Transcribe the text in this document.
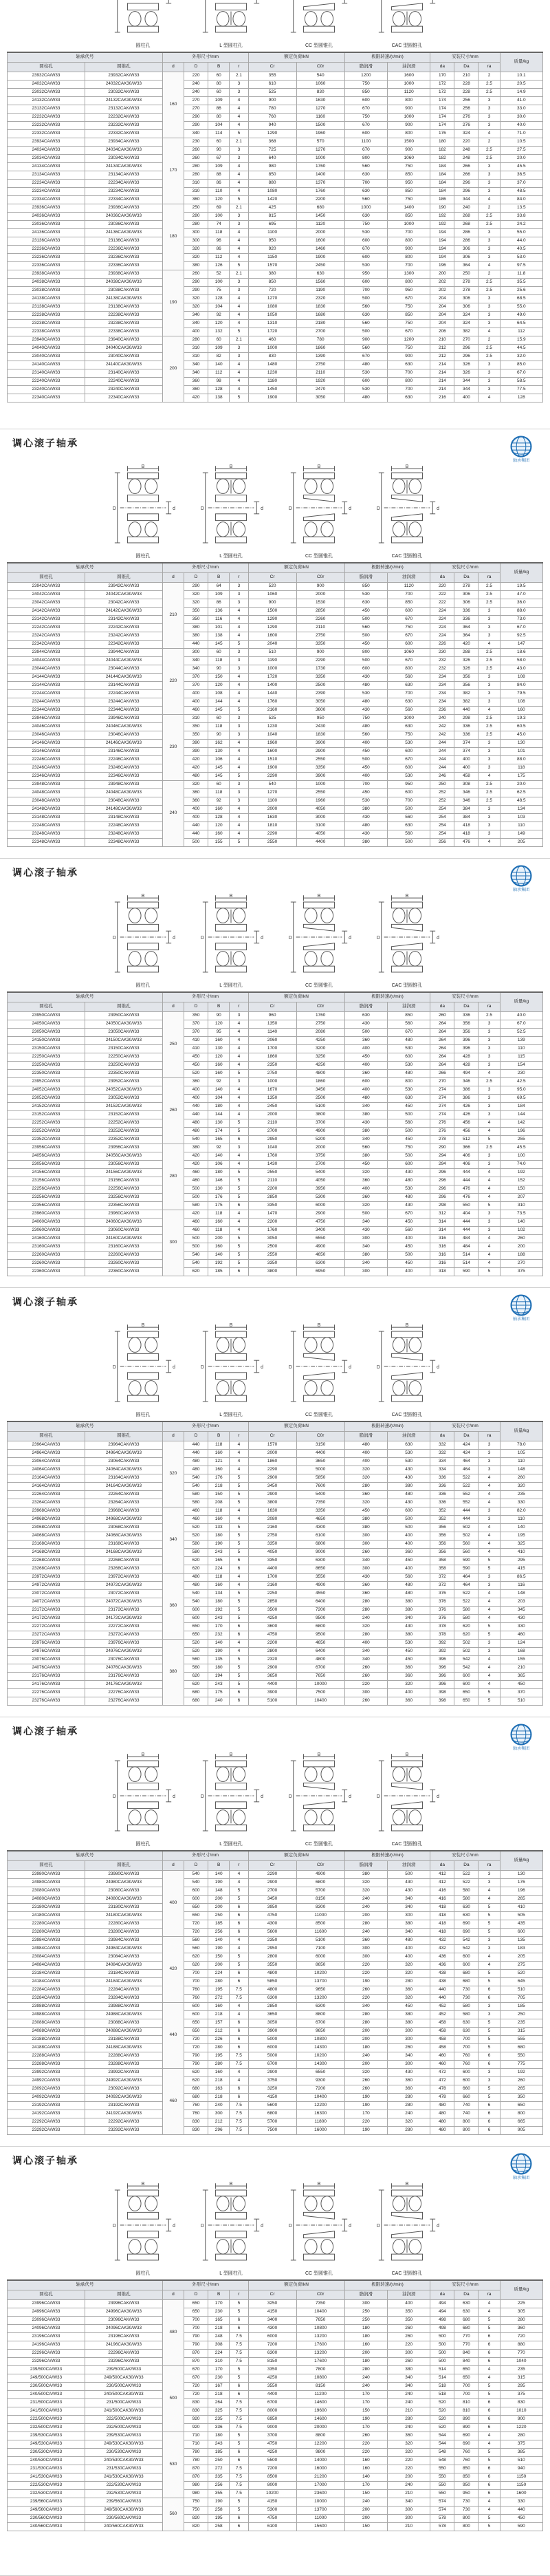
圆柱孔	L 型圆柱孔	CC 型圆锥孔	CAC 型圆锥孔
轴承代号		外形尺寸/mm				额定负荷/kN		极限转速/(r/min)		安装尺寸/mm			质量/kg
圆柱孔	圆锥孔	d	D	B	r	Cr	C0r	脂润滑	油润滑	da	Da	ra	
23932CA/W33	23932CAK/W33	160	220	60	2.1	355	540	1200	1600	170	210	2	10.1
24032CA/W33	24032CAK30/W33		240	80	3	610	1060	750	1000	172	228	2.5	20.5
23032CA/W33	23032CAK/W33		240	60	3	525	830	850	1120	172	228	2.5	14.9
24132CA/W33	24132CAK30/W33		270	109	4	900	1630	600	800	174	256	3	41.0
23132CA/W33	23132CAK/W33		270	86	4	780	1270	670	900	174	256	3	33.0
22232CA/W33	22232CAK/W33		290	80	4	760	1160	750	1000	174	276	3	30.0
23232CA/W33	23232CAK/W33		290	104	4	940	1500	670	900	174	276	3	40.0
22332CA/W33	22332CAK/W33		340	114	5	1290	1960	600	800	176	324	4	71.0
23934CA/W33	23934CAK/W33	170	230	60	2.1	368	570	1100	1500	180	220	2	10.5
24034CA/W33	24034CAK30/W33		260	90	3	725	1270	670	900	182	248	2.5	27.5
23034CA/W33	23034CAK/W33		260	67	3	640	1000	800	1060	182	248	2.5	20.0
24134CA/W33	24134CAK30/W33		280	109	4	980	1760	560	750	184	266	3	45.5
23134CA/W33	23134CAK/W33		280	88	4	850	1400	630	850	184	266	3	36.5
22234CA/W33	22234CAK/W33		310	86	4	880	1370	700	950	184	296	3	37.0
23234CA/W33	23234CAK/W33		310	110	4	1080	1760	630	850	184	296	3	48.5
22334CA/W33	22334CAK/W33		360	120	5	1420	2200	560	750	186	344	4	84.0
23936CA/W33	23936CAK/W33	180	250	69	2.1	425	680	1000	1400	190	240	2	13.5
24036CA/W33	24036CAK30/W33		280	100	3	815	1450	630	850	192	268	2.5	33.8
23036CA/W33	23036CAK/W33		280	74	3	695	1120	750	1000	192	268	2.5	24.2
24136CA/W33	24136CAK30/W33		300	118	4	1100	2000	530	700	194	286	3	55.0
23136CA/W33	23136CAK/W33		300	96	4	950	1600	600	800	194	286	3	44.0
22236CA/W33	22236CAK/W33		320	86	4	920	1460	670	900	194	306	3	40.5
23236CA/W33	23236CAK/W33		320	112	4	1150	1900	600	800	194	306	3	53.0
22336CA/W33	22336CAK/W33		380	126	5	1570	2450	530	700	196	364	4	97.5
23938CA/W33	23938CAK/W33	190	260	52	2.1	380	630	950	1300	200	250	2	11.8
24038CA/W33	24038CAK30/W33		290	100	3	850	1560	600	800	202	278	2.5	35.5
23038CA/W33	23038CAK/W33		290	75	3	720	1190	700	950	202	278	2.5	25.6
24138CA/W33	24138CAK30/W33		320	128	4	1270	2320	500	670	204	306	3	68.5
23138CA/W33	23138CAK/W33		320	104	4	1080	1830	560	750	204	306	3	55.0
22238CA/W33	22238CAK/W33		340	92	4	1050	1680	630	850	204	324	3	49.0
23238CA/W33	23238CAK/W33		340	120	4	1310	2180	560	750	204	324	3	64.5
22338CA/W33	22338CAK/W33		400	132	5	1720	2700	500	670	206	382	4	112
23940CA/W33	23940CAK/W33	200	280	60	2.1	460	780	900	1200	210	270	2	15.9
24040CA/W33	24040CAK30/W33		310	109	3	1000	1860	560	750	212	296	2.5	44.5
23040CA/W33	23040CAK/W33		310	82	3	830	1390	670	900	212	296	2.5	32.0
24140CA/W33	24140CAK30/W33		340	140	4	1480	2750	480	630	214	326	3	85.0
23140CA/W33	23140CAK/W33		340	112	4	1230	2110	530	700	214	326	3	67.0
22240CA/W33	22240CAK/W33		360	98	4	1180	1920	600	800	214	344	3	58.5
23240CA/W33	23240CAK/W33		360	128	4	1450	2470	530	700	214	344	3	77.5
22340CA/W33	22340CAK/W33		420	138	5	1900	3050	480	630	216	400	4	128
调心滚子轴承
轴承集团
B
D	d
圆柱孔
B
D	d
L 型圆柱孔
B
D	d
CC 型圆锥孔
B
D	d
CAC 型圆锥孔
轴承代号		外形尺寸/mm				额定负荷/kN		极限转速/(r/min)		安装尺寸/mm			质量/kg
圆柱孔	圆锥孔	d	D	B	r	Cr	C0r	脂润滑	油润滑	da	Da	ra	
23942CA/W33	23942CAK/W33	210	290	64	3	520	900	850	1120	220	278	2.5	19.5
24042CA/W33	24042CAK30/W33		320	109	3	1060	2000	530	700	222	306	2.5	47.0
23042CA/W33	23042CAK/W33		320	86	3	900	1530	630	850	222	306	2.5	36.0
24142CA/W33	24142CAK30/W33		350	136	4	1500	2850	450	600	224	336	3	88.0
23142CA/W33	23142CAK/W33		350	116	4	1290	2260	500	670	224	336	3	73.0
22242CA/W33	22242CAK/W33		380	101	4	1290	2110	560	750	224	364	3	67.0
23242CA/W33	23242CAK/W33		380	138	4	1600	2750	500	670	224	364	3	92.5
22342CA/W33	22342CAK/W33		440	145	5	2040	3350	450	600	226	420	4	147
23944CA/W33	23944CAK/W33	220	300	60	3	510	900	800	1060	230	288	2.5	18.6
24044CA/W33	24044CAK30/W33		340	118	3	1190	2290	500	670	232	326	2.5	58.0
23044CA/W33	23044CAK/W33		340	90	3	1000	1730	600	800	232	326	2.5	43.0
24144CA/W33	24144CAK30/W33		370	150	4	1720	3350	430	560	234	356	3	108
23144CA/W33	23144CAK/W33		370	120	4	1400	2500	480	630	234	356	3	84.0
22244CA/W33	22244CAK/W33		400	108	4	1440	2390	530	700	234	382	3	79.5
23244CA/W33	23244CAK/W33		400	144	4	1760	3050	480	630	234	382	3	108
22344CA/W33	22344CAK/W33		460	145	5	2160	3600	430	560	236	440	4	160
23946CA/W33	23946CAK/W33	230	310	60	3	525	950	750	1000	240	298	2.5	19.3
24046CA/W33	24046CAK30/W33		350	118	3	1230	2430	480	630	242	336	2.5	60.5
23046CA/W33	23046CAK/W33		350	90	3	1040	1830	560	750	242	336	2.5	45.0
24146CA/W33	24146CAK30/W33		390	162	4	1960	3900	400	530	244	374	3	130
23146CA/W33	23146CAK/W33		390	130	4	1600	2900	450	600	244	374	3	101
22246CA/W33	22246CAK/W33		420	106	4	1510	2550	500	670	244	400	3	88.0
23246CA/W33	23246CAK/W33		420	145	4	1900	3350	450	600	244	400	3	118
22346CA/W33	22346CAK/W33		480	145	5	2290	3900	400	530	246	458	4	175
23948CA/W33	23948CAK/W33	240	320	60	3	540	1000	700	950	250	308	2.5	20.0
24048CA/W33	24048CAK30/W33		360	118	3	1270	2550	450	600	252	346	2.5	62.5
23048CA/W33	23048CAK/W33		360	92	3	1100	1960	530	700	252	346	2.5	48.5
24148CA/W33	24148CAK30/W33		400	160	4	2000	4050	380	500	254	384	3	134
23148CA/W33	23148CAK/W33		400	128	4	1630	3000	430	560	254	384	3	103
22248CA/W33	22248CAK/W33		440	120	4	1810	3100	480	630	254	418	3	110
23248CA/W33	23248CAK/W33		440	160	4	2290	4050	430	560	254	418	3	149
22348CA/W33	22348CAK/W33		500	155	5	2550	4400	380	500	256	476	4	205
调心滚子轴承
轴承集团
B
D	d
圆柱孔
B
D	d
L 型圆柱孔
B
D	d
CC 型圆锥孔
B
D	d
CAC 型圆锥孔
轴承代号		外形尺寸/mm				额定负荷/kN		极限转速/(r/min)		安装尺寸/mm			质量/kg
圆柱孔	圆锥孔	d	D	B	r	Cr	C0r	脂润滑	油润滑	da	Da	ra	
23950CA/W33	23950CAK/W33	250	350	90	3	960	1760	630	850	260	336	2.5	40.0
24050CA/W33	24050CAK30/W33		370	120	4	1350	2750	430	560	264	356	3	67.0
23050CA/W33	23050CAK/W33		370	95	4	1140	2080	500	670	264	356	3	52.5
24150CA/W33	24150CAK30/W33		410	160	4	2060	4250	360	480	264	396	3	139
23150CA/W33	23150CAK/W33		410	130	4	1700	3200	400	530	264	396	3	110
22250CA/W33	22250CAK/W33		450	120	4	1860	3250	450	600	264	428	3	115
23250CA/W33	23250CAK/W33		450	160	4	2350	4250	400	530	264	428	3	154
22350CA/W33	22350CAK/W33		520	160	5	2750	4800	360	480	266	494	4	230
23952CA/W33	23952CAK/W33	260	360	92	3	1000	1860	600	800	270	346	2.5	42.5
24052CA/W33	24052CAK30/W33		400	140	4	1670	3450	400	530	274	386	3	95.0
23052CA/W33	23052CAK/W33		400	104	4	1350	2500	480	630	274	386	3	69.5
24152CA/W33	24152CAK30/W33		440	180	4	2450	5100	340	450	274	426	3	184
23152CA/W33	23152CAK/W33		440	144	4	2000	3800	380	500	274	426	3	144
22252CA/W33	22252CAK/W33		480	130	5	2110	3700	430	560	276	456	4	142
23252CA/W33	23252CAK/W33		480	174	5	2700	4900	380	500	276	456	4	196
22352CA/W33	22352CAK/W33		540	165	6	2950	5200	340	450	278	512	5	255
23956CA/W33	23956CAK/W33	280	380	92	3	1040	2000	560	750	290	366	2.5	45.5
24056CA/W33	24056CAK30/W33		420	140	4	1760	3750	380	500	294	406	3	100
23056CA/W33	23056CAK/W33		420	106	4	1430	2700	450	600	294	406	3	74.0
24156CA/W33	24156CAK30/W33		460	180	5	2550	5400	320	430	296	444	4	192
23156CA/W33	23156CAK/W33		460	146	5	2110	4050	360	480	296	444	4	152
22256CA/W33	22256CAK/W33		500	130	5	2200	3950	400	530	296	476	4	150
23256CA/W33	23256CAK/W33		500	176	5	2850	5300	360	480	296	476	4	207
22356CA/W33	22356CAK/W33		580	175	6	3350	6000	320	430	298	550	5	310
23960CA/W33	23960CAK/W33	300	420	118	4	1470	2900	500	670	312	404	3	73.5
24060CA/W33	24060CAK30/W33		460	160	4	2200	4750	340	450	314	444	3	140
23060CA/W33	23060CAK/W33		460	118	4	1760	3400	430	560	314	444	3	102
24160CA/W33	24160CAK30/W33		500	200	5	3050	6550	300	400	316	484	4	260
23160CA/W33	23160CAK/W33		500	160	5	2500	4900	340	450	316	484	4	200
22260CA/W33	22260CAK/W33		540	140	5	2550	4650	380	500	316	514	4	188
23260CA/W33	23260CAK/W33		540	192	5	3350	6300	340	450	316	514	4	270
22360CA/W33	22360CAK/W33		620	185	6	3800	6950	300	400	318	590	5	375
调心滚子轴承
轴承集团
B
D	d
圆柱孔
B
D	d
L 型圆柱孔
B
D	d
CC 型圆锥孔
B
D	d
CAC 型圆锥孔
轴承代号		外形尺寸/mm				额定负荷/kN		极限转速/(r/min)		安装尺寸/mm			质量/kg
圆柱孔	圆锥孔	d	D	B	r	Cr	C0r	脂润滑	油润滑	da	Da	ra	
23964CA/W33	23964CAK/W33	320	440	118	4	1570	3150	480	630	332	424	3	78.0
24964CA/W33	24964CAK30/W33		440	160	4	2000	4400	400	530	332	424	3	105
23064CA/W33	23064CAK/W33		480	121	4	1860	3650	400	530	334	464	3	110
24064CA/W33	24064CAK30/W33		480	160	4	2290	5000	320	430	334	464	3	148
23164CA/W33	23164CAK/W33		540	176	5	2900	5850	320	430	336	522	4	260
24164CA/W33	24164CAK30/W33		540	218	5	3450	7600	280	380	336	522	4	320
22264CA/W33	22264CAK/W33		580	150	5	2900	5400	360	480	336	552	4	235
23264CA/W33	23264CAK/W33		580	208	5	3800	7350	320	430	336	552	4	330
23968CA/W33	23968CAK/W33	340	460	118	4	1630	3350	450	600	352	444	3	82.0
24968CA/W33	24968CAK30/W33		460	160	4	2080	4650	380	500	352	444	3	110
23068CA/W33	23068CAK/W33		520	133	5	2160	4300	380	500	356	502	4	140
24068CA/W33	24068CAK30/W33		520	180	5	2750	6100	300	400	356	502	4	195
23168CA/W33	23168CAK/W33		580	190	5	3350	6800	300	400	356	560	4	325
24168CA/W33	24168CAK30/W33		580	243	5	4050	9000	260	360	356	560	4	410
22268CA/W33	22268CAK/W33		620	165	6	3350	6300	340	450	358	590	5	295
23268CA/W33	23268CAK/W33		620	224	6	4400	8650	300	400	358	590	5	415
23972CA/W33	23972CAK/W33	360	480	118	4	1700	3550	430	560	372	464	3	86.5
24972CA/W33	24972CAK30/W33		480	160	4	2160	4900	360	480	372	464	3	116
23072CA/W33	23072CAK/W33		540	134	5	2250	4550	360	480	376	522	4	148
24072CA/W33	24072CAK30/W33		540	180	5	2850	6400	280	380	376	522	4	203
23172CA/W33	23172CAK/W33		600	192	5	3500	7200	280	380	376	580	4	345
24172CA/W33	24172CAK30/W33		600	243	5	4250	9500	240	340	376	580	4	430
22272CA/W33	22272CAK/W33		650	170	6	3600	6800	320	430	378	620	5	330
23272CA/W33	23272CAK/W33		650	232	6	4750	9500	280	380	378	620	5	460
23976CA/W33	23976CAK/W33	380	520	140	4	2200	4650	400	530	392	502	3	124
24976CA/W33	24976CAK30/W33		520	190	4	2800	6400	340	450	392	502	3	168
23076CA/W33	23076CAK/W33		560	135	5	2320	4800	340	450	396	542	4	155
24076CA/W33	24076CAK30/W33		560	180	5	2900	6700	260	360	396	542	4	210
23176CA/W33	23176CAK/W33		620	194	5	3650	7650	260	360	396	600	4	365
24176CA/W33	24176CAK30/W33		620	243	5	4400	10000	220	320	396	600	4	450
22276CA/W33	22276CAK/W33		680	175	6	3900	7500	300	400	398	650	5	370
23276CA/W33	23276CAK/W33		680	240	6	5100	10400	260	360	398	650	5	510
调心滚子轴承
轴承集团
B
D	d
圆柱孔
B
D	d
L 型圆柱孔
B
D	d
CC 型圆锥孔
B
D	d
CAC 型圆锥孔
轴承代号		外形尺寸/mm				额定负荷/kN		极限转速/(r/min)		安装尺寸/mm			质量/kg
圆柱孔	圆锥孔	d	D	B	r	Cr	C0r	脂润滑	油润滑	da	Da	ra	
23980CA/W33	23980CAK/W33	400	540	140	4	2290	4900	380	500	412	522	3	130
24980CA/W33	24980CAK30/W33		540	190	4	2900	6800	320	430	412	522	3	176
23080CA/W33	23080CAK/W33		600	148	5	2700	5700	320	430	416	580	4	196
24080CA/W33	24080CAK30/W33		600	200	5	3450	8150	240	340	416	580	4	265
23180CA/W33	23180CAK/W33		650	200	6	3950	8300	240	340	418	630	5	410
24180CA/W33	24180CAK30/W33		650	250	6	4750	11000	200	300	418	630	5	505
22280CA/W33	22280CAK/W33		720	185	6	4300	8500	280	380	418	690	5	435
23280CA/W33	23280CAK/W33		720	256	6	5600	11600	240	340	418	690	5	600
23984CA/W33	23984CAK/W33	420	560	140	4	2350	5100	360	480	432	542	3	135
24984CA/W33	24984CAK30/W33		560	190	4	2950	7100	300	400	432	542	3	183
23084CA/W33	23084CAK/W33		620	150	5	2800	6000	300	400	436	600	4	205
24084CA/W33	24084CAK30/W33		620	200	5	3550	8650	220	320	436	600	4	275
23184CA/W33	23184CAK/W33		700	224	6	4800	10200	220	320	438	680	5	520
24184CA/W33	24184CAK30/W33		700	280	6	5850	13700	190	280	438	680	5	645
22284CA/W33	22284CAK/W33		760	195	7.5	4800	9650	260	360	440	730	6	510
23284CA/W33	23284CAK/W33		760	272	7.5	6300	13200	220	320	440	730	6	705
23988CA/W33	23988CAK/W33	440	600	160	4	2850	6300	340	450	452	580	3	185
24988CA/W33	24988CAK30/W33		600	218	4	3650	8800	280	380	452	580	3	250
23088CA/W33	23088CAK/W33		650	157	6	3050	6700	280	380	458	630	5	235
24088CA/W33	24088CAK30/W33		650	212	6	3900	9650	200	300	458	630	5	315
23188CA/W33	23188CAK/W33		720	226	6	5000	10800	200	300	458	700	5	555
24188CA/W33	24188CAK30/W33		720	280	6	6000	14300	180	260	458	700	5	680
22288CA/W33	22288CAK/W33		790	195	7.5	5000	10200	240	340	460	760	6	550
23288CA/W33	23288CAK/W33		790	280	7.5	6700	14300	200	300	460	760	6	775
23992CA/W33	23992CAK/W33	460	620	160	4	2900	6550	320	430	472	600	3	192
24992CA/W33	24992CAK30/W33		620	218	4	3750	9300	260	360	472	600	3	260
23092CA/W33	23092CAK/W33		680	163	6	3250	7200	260	360	478	660	5	265
24092CA/W33	24092CAK30/W33		680	218	6	4150	10400	190	280	478	660	5	350
23192CA/W33	23192CAK/W33		760	240	7.5	5600	12200	190	280	480	740	6	650
24192CA/W33	24192CAK30/W33		760	300	7.5	6800	16300	170	240	480	740	6	800
22292CA/W33	22292CAK/W33		830	212	7.5	5700	11800	220	320	480	800	6	665
23292CA/W33	23292CAK/W33		830	296	7.5	7500	16000	190	280	480	800	6	905
调心滚子轴承
轴承集团
B
D	d
圆柱孔
B
D	d
L 型圆柱孔
B
D	d
CC 型圆锥孔
B
D	d
CAC 型圆锥孔
轴承代号		外形尺寸/mm				额定负荷/kN		极限转速/(r/min)		安装尺寸/mm			质量/kg
圆柱孔	圆锥孔	d	D	B	r	Cr	C0r	脂润滑	油润滑	da	Da	ra	
23996CA/W33	23996CAK/W33	480	650	170	5	3250	7350	300	400	494	630	4	225
24996CA/W33	24996CAK30/W33		650	230	5	4150	10400	250	350	494	630	4	305
23096CA/W33	23096CAK/W33		700	165	6	3400	7650	250	350	498	680	5	280
24096CA/W33	24096CAK30/W33		700	218	6	4300	10800	180	260	498	680	5	360
23196CA/W33	23196CAK/W33		790	248	7.5	6000	13200	180	260	500	770	6	720
24196CA/W33	24196CAK30/W33		790	308	7.5	7200	17600	160	220	500	770	6	880
22296CA/W33	22296CAK/W33		870	224	7.5	6300	13200	200	300	500	840	6	770
23296CA/W33	23296CAK/W33		870	310	7.5	8150	17600	180	260	500	840	6	1040
239/500CA/W33	239/500CAK/W33	500	670	170	5	3350	7800	280	380	514	650	4	235
249/500CA/W33	249/500CAK30/W33		670	230	5	4250	10800	240	340	514	650	4	315
230/500CA/W33	230/500CAK/W33		720	167	6	3550	8150	240	340	518	700	5	295
240/500CA/W33	240/500CAK30/W33		720	218	6	4400	11200	170	240	518	700	5	375
231/500CA/W33	231/500CAK/W33		830	264	7.5	6700	14600	170	240	520	810	6	830
241/500CA/W33	241/500CAK30/W33		830	325	7.5	8000	19600	150	210	520	810	6	1010
222/500CA/W33	222/500CAK/W33		920	235	7.5	6950	14600	190	280	520	890	6	900
232/500CA/W33	232/500CAK/W33		920	336	7.5	9000	20000	170	240	520	890	6	1220
239/530CA/W33	239/530CAK/W33	530	710	180	5	3700	8800	260	360	544	690	4	280
249/530CA/W33	249/530CAK30/W33		710	243	5	4750	12200	220	320	544	690	4	375
230/530CA/W33	230/530CAK/W33		780	185	6	4250	9800	220	320	548	760	5	385
240/530CA/W33	240/530CAK30/W33		780	250	6	5500	14000	160	220	548	760	5	510
231/530CA/W33	231/530CAK/W33		870	272	7.5	7200	16000	160	220	550	850	6	940
241/530CA/W33	241/530CAK30/W33		870	335	7.5	8500	21200	140	200	550	850	6	1150
222/530CA/W33	222/530CAK/W33		980	256	7.5	8000	17000	170	240	550	950	6	1150
232/530CA/W33	232/530CAK/W33		980	355	7.5	10200	23600	150	210	550	950	6	1600
239/560CA/W33	239/560CAK/W33	560	750	190	5	4150	10000	240	340	574	730	4	330
249/560CA/W33	249/560CAK30/W33		750	258	5	5300	13700	200	300	574	730	4	440
230/560CA/W33	230/560CAK/W33		820	195	6	4750	11000	200	300	578	800	5	450
240/560CA/W33	240/560CAK30/W33		820	258	6	6100	15600	150	210	578	800	5	590
